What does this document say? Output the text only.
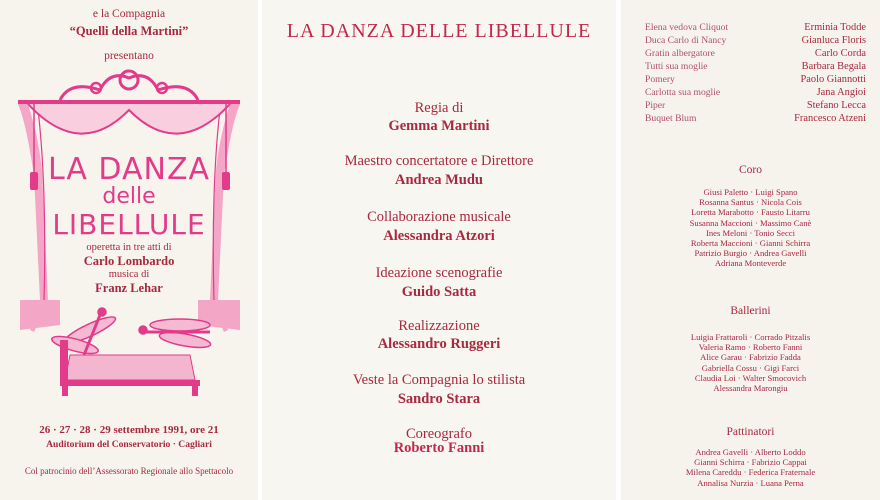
e la Compagnia
“Quelli della Martini”
presentano
LA DANZA
delle
LIBELLULE
operetta in tre atti di
Carlo Lombardo
musica di
Franz Lehar
26 · 27 · 28 · 29 settembre 1991, ore 21
Auditorium del Conservatorio · Cagliari
Col patrocinio dell’Assessorato Regionale allo Spettacolo
LA DANZA DELLE LIBELLULE
Regia di
Gemma Martini
Maestro concertatore e Direttore
Andrea Mudu
Collaborazione musicale
Alessandra Atzori
Ideazione scenografie
Guido Satta
Realizzazione
Alessandro Ruggeri
Veste la Compagnia lo stilista
Sandro Stara
Coreografo
Roberto Fanni
Elena vedova Cliquot	Erminia Todde
Duca Carlo di Nancy	Gianluca Floris
Gratin albergatore	Carlo Corda
Tutti sua moglie	Barbara Begala
Pomery	Paolo Giannotti
Carlotta sua moglie	Jana Angioi
Piper	Stefano Lecca
Buquet Blum	Francesco Atzeni
Coro
Giusi Paletto · Luigi Spano
Rosanna Santus · Nicola Cois
Loretta Marabotto · Fausto Litarru
Susanna Maccioni · Massimo Canè
Ines Meloni · Tonio Secci
Roberta Maccioni · Gianni Schirra
Patrizio Burgio · Andrea Gavelli
Adriana Monteverde
Ballerini
Luigia Frattaroli · Corrado Pitzalis
Valeria Ramo · Roberto Fanni
Alice Garau · Fabrizio Fadda
Gabriella Cossu · Gigi Farci
Claudia Loi · Walter Smocovich
Alessandra Marongiu
Pattinatori
Andrea Gavelli · Alberto Loddo
Gianni Schirra · Fabrizio Cappai
Milena Careddu · Federica Fraternale
Annalisa Nurzia · Luana Perna
